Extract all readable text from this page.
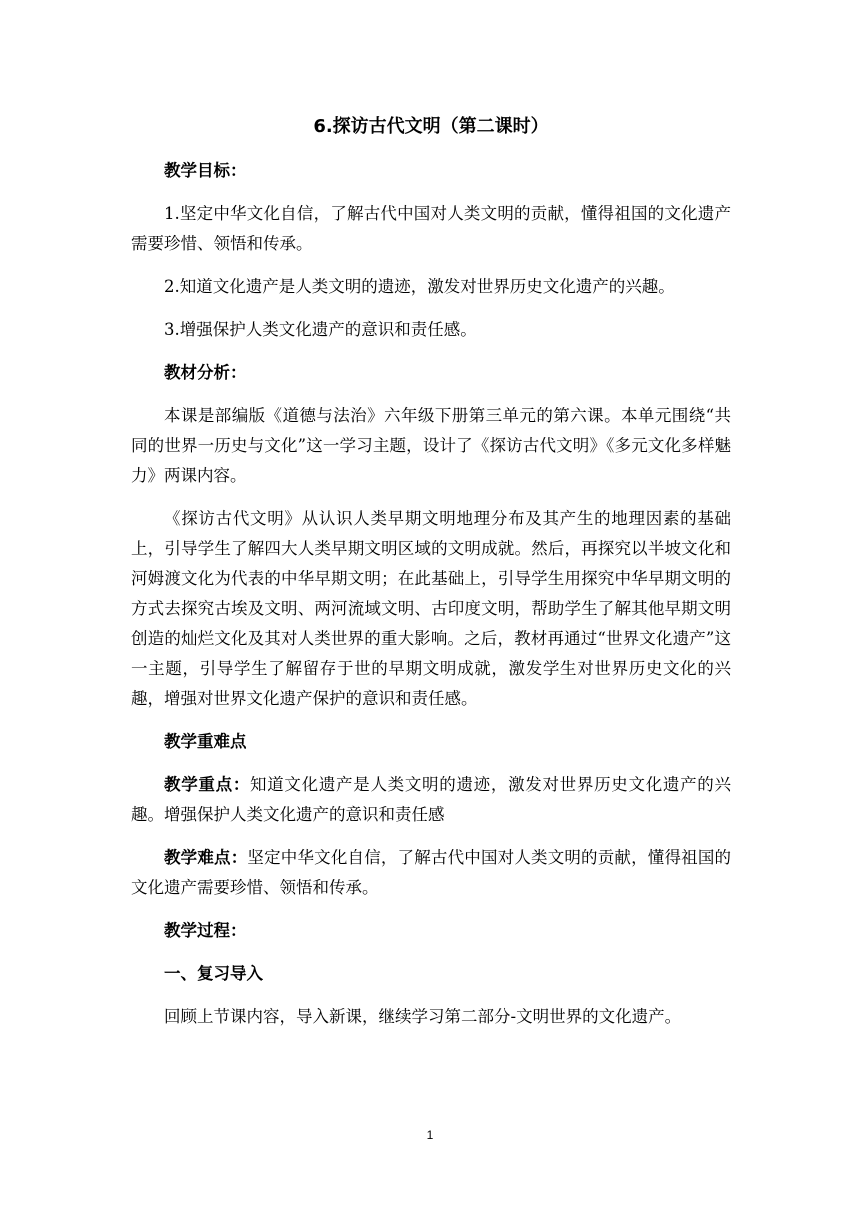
6.探访古代文明（第二课时）
教学目标：
1.坚定中华文化自信，了解古代中国对人类文明的贡献，懂得祖国的文化遗产需要珍惜、领悟和传承。
2.知道文化遗产是人类文明的遗迹，激发对世界历史文化遗产的兴趣。
3.增强保护人类文化遗产的意识和责任感。
教材分析：
本课是部编版《道德与法治》六年级下册第三单元的第六课。本单元围绕“共同的世界一历史与文化”这一学习主题，设计了《探访古代文明》《多元文化多样魅力》两课内容。
《探访古代文明》从认识人类早期文明地理分布及其产生的地理因素的基础上，引导学生了解四大人类早期文明区域的文明成就。然后，再探究以半坡文化和河姆渡文化为代表的中华早期文明；在此基础上，引导学生用探究中华早期文明的方式去探究古埃及文明、两河流域文明、古印度文明，帮助学生了解其他早期文明创造的灿烂文化及其对人类世界的重大影响。之后，教材再通过“世界文化遗产”这一主题，引导学生了解留存于世的早期文明成就，激发学生对世界历史文化的兴趣，增强对世界文化遗产保护的意识和责任感。
教学重难点
教学重点：知道文化遗产是人类文明的遗迹，激发对世界历史文化遗产的兴趣。增强保护人类文化遗产的意识和责任感
教学难点：坚定中华文化自信，了解古代中国对人类文明的贡献，懂得祖国的文化遗产需要珍惜、领悟和传承。
教学过程：
一、复习导入
回顾上节课内容，导入新课，继续学习第二部分-文明世界的文化遗产。
1
